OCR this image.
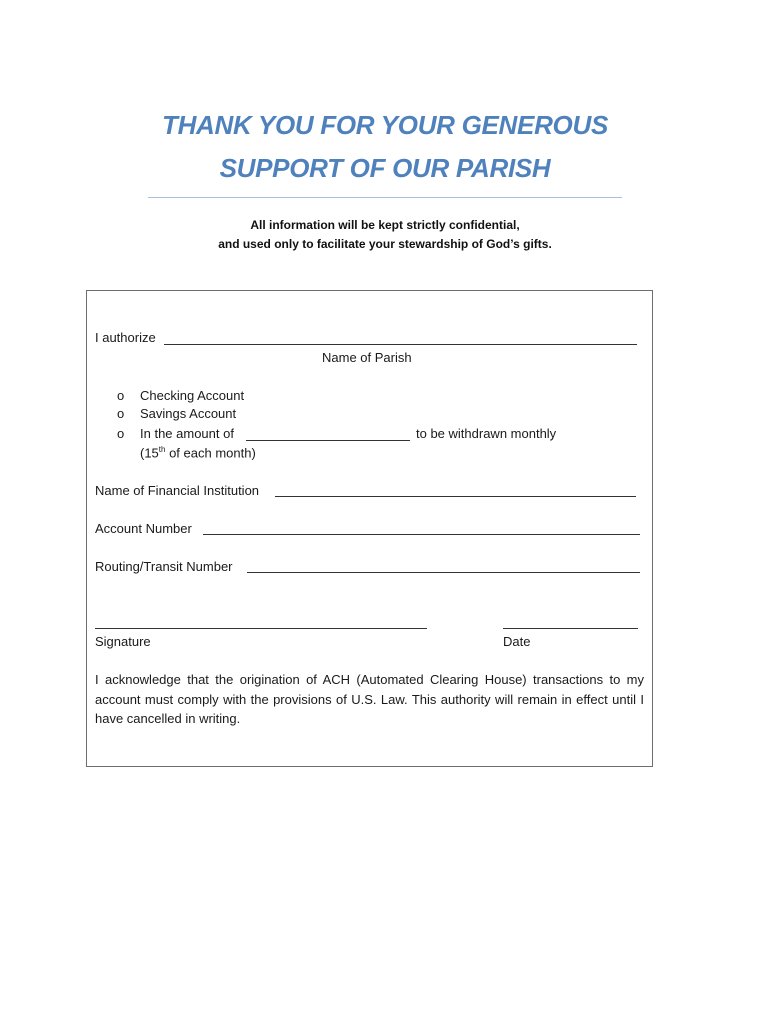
THANK YOU FOR YOUR GENEROUS
SUPPORT OF OUR PARISH
All information will be kept strictly confidential,
and used only to facilitate your stewardship of God’s gifts.
I authorize
Name of Parish
o Checking Account
o Savings Account
o In the amount of	to be withdrawn monthly
(15th of each month)
Name of Financial Institution
Account Number
Routing/Transit Number
Signature	Date
I acknowledge that the origination of ACH (Automated Clearing House) transactions to my account must comply with the provisions of U.S. Law. This authority will remain in effect until I have cancelled in writing.
